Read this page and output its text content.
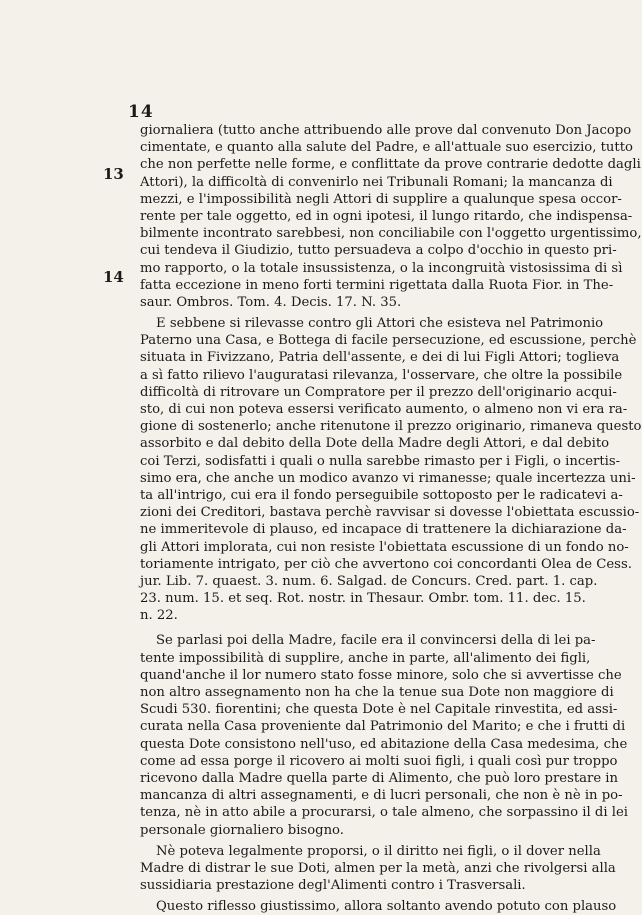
14
13
14
giornaliera (tutto anche attribuendo alle prove dal convenuto Don Jacopo
cimentate, e quanto alla salute del Padre, e all'attuale suo esercizio, tutto
che non perfette nelle forme, e conflittate da prove contrarie dedotte dagli
Attori), la difficoltà di convenirlo nei Tribunali Romani; la mancanza di
mezzi, e l'impossibilità negli Attori di supplire a qualunque spesa occor-
rente per tale oggetto, ed in ogni ipotesi, il lungo ritardo, che indispensa-
bilmente incontrato sarebbesi, non conciliabile con l'oggetto urgentissimo,
cui tendeva il Giudizio, tutto persuadeva a colpo d'occhio in questo pri-
mo rapporto, o la totale insussistenza, o la incongruità vistosissima di sì
fatta eccezione in meno forti termini rigettata dalla Ruota Fior. in The-
saur. Ombros. Tom. 4. Decis. 17. N. 35.
E sebbene si rilevasse contro gli Attori che esisteva nel Patrimonio
Paterno una Casa, e Bottega di facile persecuzione, ed escussione, perchè
situata in Fivizzano, Patria dell'assente, e dei di lui Figli Attori; toglieva
a sì fatto rilievo l'auguratasi rilevanza, l'osservare, che oltre la possibile
difficoltà di ritrovare un Compratore per il prezzo dell'originario acqui-
sto, di cui non poteva essersi verificato aumento, o almeno non vi era ra-
gione di sostenerlo; anche ritenutone il prezzo originario, rimaneva questo
assorbito e dal debito della Dote della Madre degli Attori, e dal debito
coi Terzi, sodisfatti i quali o nulla sarebbe rimasto per i Figli, o incertis-
simo era, che anche un modico avanzo vi rimanesse; quale incertezza uni-
ta all'intrigo, cui era il fondo perseguibile sottoposto per le radicatevi a-
zioni dei Creditori, bastava perchè ravvisar si dovesse l'obiettata escussio-
ne immeritevole di plauso, ed incapace di trattenere la dichiarazione da-
gli Attori implorata, cui non resiste l'obiettata escussione di un fondo no-
toriamente intrigato, per ciò che avvertono coi concordanti Olea de Cess.
jur. Lib. 7. quaest. 3. num. 6. Salgad. de Concurs. Cred. part. 1. cap.
23. num. 15. et seq. Rot. nostr. in Thesaur. Ombr. tom. 11. dec. 15.
n. 22.
Se parlasi poi della Madre, facile era il convincersi della di lei pa-
tente impossibilità di supplire, anche in parte, all'alimento dei figli,
quand'anche il lor numero stato fosse minore, solo che si avvertisse che
non altro assegnamento non ha che la tenue sua Dote non maggiore di
Scudi 530. fiorentini; che questa Dote è nel Capitale rinvestita, ed assi-
curata nella Casa proveniente dal Patrimonio del Marito; e che i frutti di
questa Dote consistono nell'uso, ed abitazione della Casa medesima, che
come ad essa porge il ricovero ai molti suoi figli, i quali così pur troppo
ricevono dalla Madre quella parte di Alimento, che può loro prestare in
mancanza di altri assegnamenti, e di lucri personali, che non è nè in po-
tenza, nè in atto abile a procurarsi, o tale almeno, che sorpassino il di lei
personale giornaliero bisogno.
Nè poteva legalmente proporsi, o il diritto nei figli, o il dover nella
Madre di distrar le sue Doti, almen per la metà, anzi che rivolgersi alla
sussidiaria prestazione degl'Alimenti contro i Trasversali.
Questo riflesso giustissimo, allora soltanto avendo potuto con plauso
